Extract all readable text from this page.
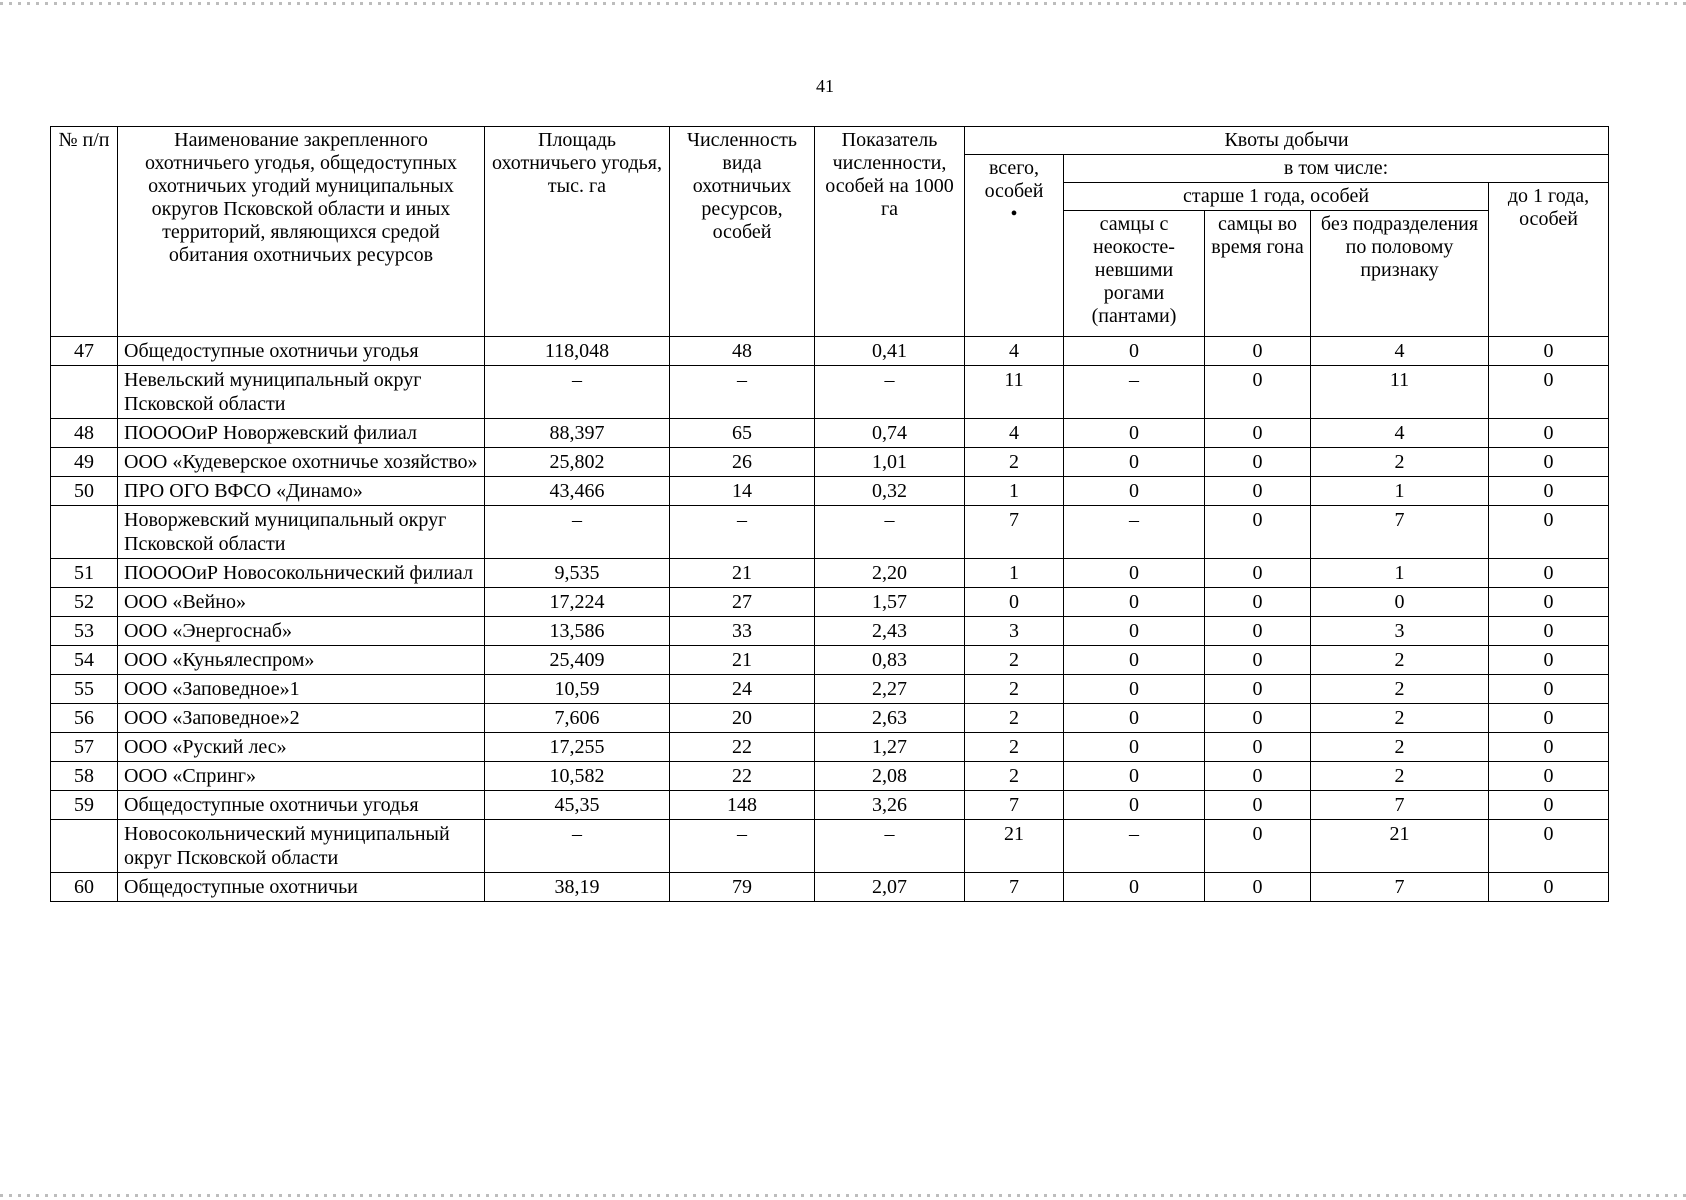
41
№ п/п	Наименование закрепленного охотничьего угодья, общедоступных охотничьих угодий муниципальных округов Псковской области и иных территорий, являющихся средой обитания охотничьих ресурсов	Площадь охотничьего угодья, тыс. га	Численность вида охотничьих ресурсов, особей	Показатель численности, особей на 1000 га	Квоты добычи				

					всего, особей
•	в том числе:			
						старше 1 года, особей			до 1 года, особей
						самцы с неокосте-невшими рогами (пантами)	самцы во время гона	без подразделения по половому признаку	
47	Общедоступные охотничьи угодья	118,048	48	0,41	4	0	0	4	0
	Невельский муниципальный округ Псковской области	–	–	–	11	–	0	11	0
48	ПОOOОиР Новоржевский филиал	88,397	65	0,74	4	0	0	4	0
49	ООО «Кудеверское охотничье хозяйство»	25,802	26	1,01	2	0	0	2	0
50	ПРО ОГО ВФСО «Динамо»	43,466	14	0,32	1	0	0	1	0
	Новоржевский муниципальный округ Псковской области	–	–	–	7	–	0	7	0
51	ПОOOОиР Новосокольнический филиал	9,535	21	2,20	1	0	0	1	0
52	ООО «Вейно»	17,224	27	1,57	0	0	0	0	0
53	ООО «Энергоснаб»	13,586	33	2,43	3	0	0	3	0
54	ООО «Куньялеспром»	25,409	21	0,83	2	0	0	2	0
55	ООО «Заповедное»1	10,59	24	2,27	2	0	0	2	0
56	ООО «Заповедное»2	7,606	20	2,63	2	0	0	2	0
57	ООО «Руский лес»	17,255	22	1,27	2	0	0	2	0
58	ООО «Спринг»	10,582	22	2,08	2	0	0	2	0
59	Общедоступные охотничьи угодья	45,35	148	3,26	7	0	0	7	0
	Новосокольнический муниципальный округ Псковской области	–	–	–	21	–	0	21	0
60	Общедоступные охотничьи	38,19	79	2,07	7	0	0	7	0
